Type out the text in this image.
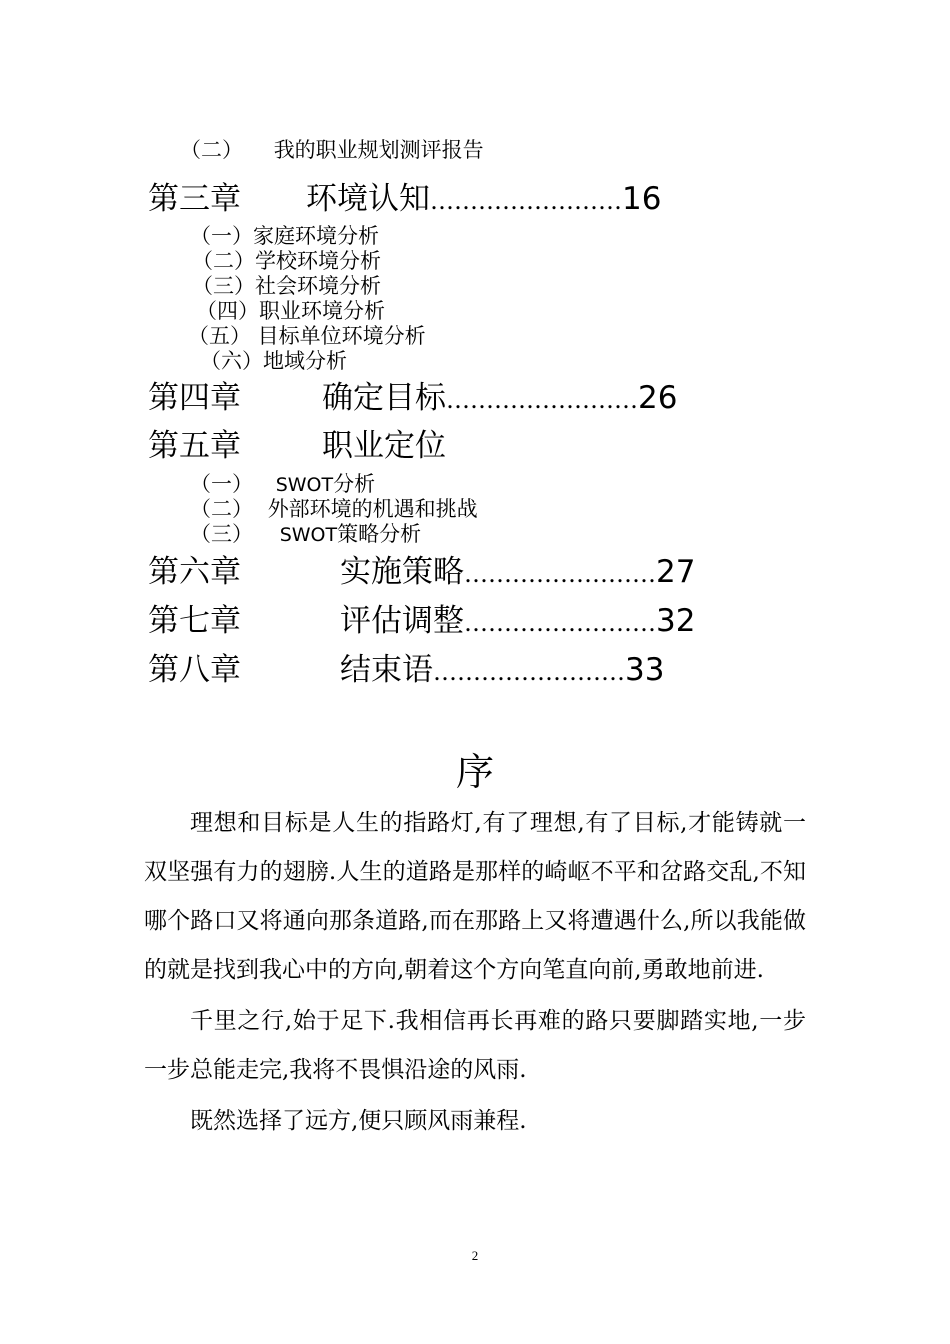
（二） 我的职业规划测评报告
第三章 环境认知……………………16
（一）家庭环境分析
（二）学校环境分析
（三）社会环境分析
（四）职业环境分析
（五） 目标单位环境分析
（六）地域分析
第四章	确定目标……………………26
第五章	职业定位
（一） SWOT分析
（二） 外部环境的机遇和挑战
（三） SWOT策略分析
第六章	实施策略……………………27
第七章	评估调整……………………32
第八章	结束语……………………33
序
理想和目标是人生的指路灯,有了理想,有了目标,才能铸就一双坚强有力的翅膀.人生的道路是那样的崎岖不平和岔路交乱,不知哪个路口又将通向那条道路,而在那路上又将遭遇什么,所以我能做的就是找到我心中的方向,朝着这个方向笔直向前,勇敢地前进.
千里之行,始于足下.我相信再长再难的路只要脚踏实地,一步一步总能走完,我将不畏惧沿途的风雨.
既然选择了远方,便只顾风雨兼程.
2
